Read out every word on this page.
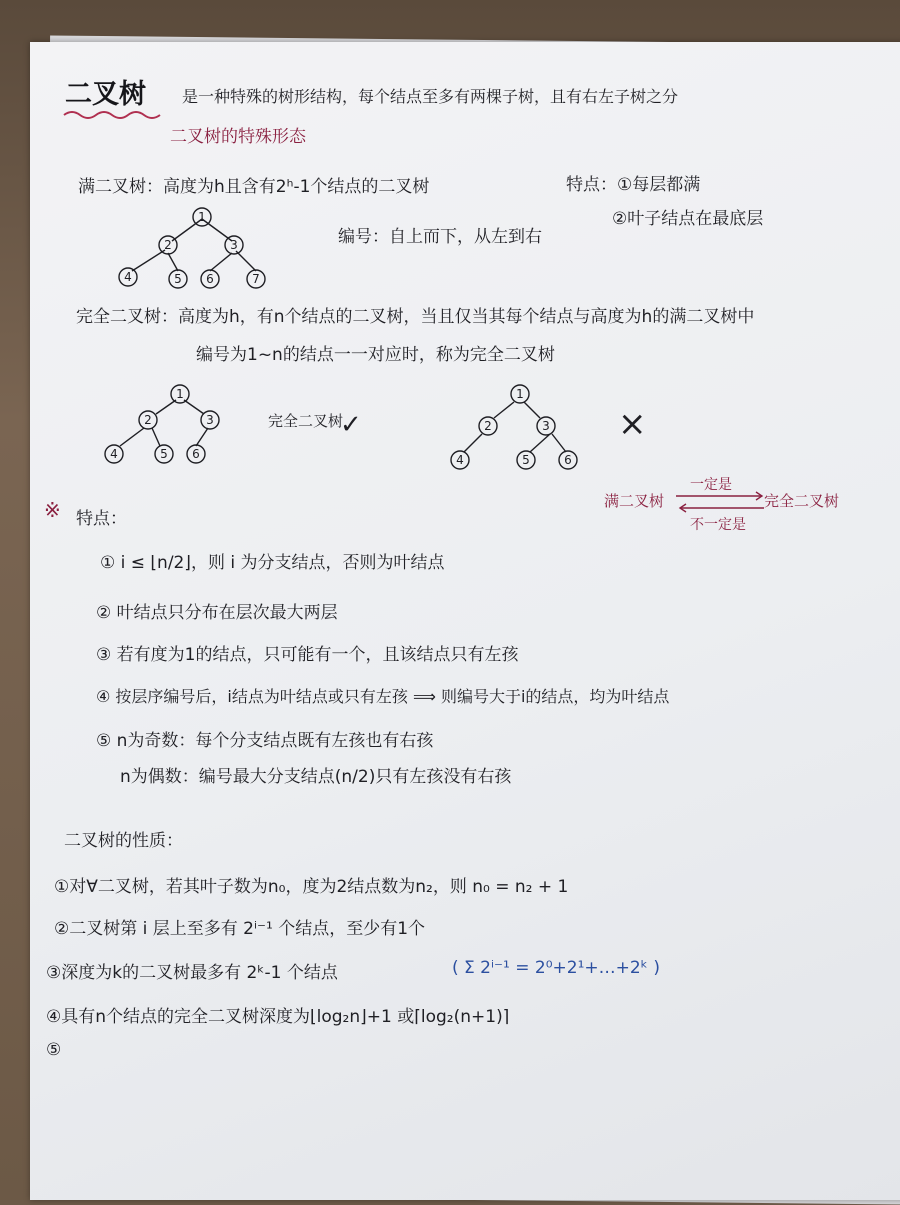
二叉树 是一种特殊的树形结构，每个结点至多有两棵子树，且有右左子树之分
二叉树的特殊形态
满二叉树：高度为h且含有2ʰ-1个结点的二叉树	特点：①每层都满
②叶子结点在最底层
编号：自上而下，从左到右
1
2	3
4	5 6	7
完全二叉树：高度为h，有n个结点的二叉树，当且仅当其每个结点与高度为h的满二叉树中
编号为1~n的结点一一对应时，称为完全二叉树
1
2	3
4	5 6
完全二叉树
✓
1
2	3
4	5	6
×
满二叉树	完全二叉树
一定是
不一定是
※ 特点：
① i ≤ ⌊n/2⌋，则 i 为分支结点，否则为叶结点
② 叶结点只分布在层次最大两层
③ 若有度为1的结点，只可能有一个，且该结点只有左孩
④ 按层序编号后，i结点为叶结点或只有左孩 ⟹ 则编号大于i的结点，均为叶结点
⑤ n为奇数：每个分支结点既有左孩也有右孩
n为偶数：编号最大分支结点(n/2)只有左孩没有右孩
二叉树的性质：
①对∀二叉树，若其叶子数为n₀，度为2结点数为n₂，则 n₀ = n₂ + 1
②二叉树第 i 层上至多有 2ⁱ⁻¹ 个结点，至少有1个
③深度为k的二叉树最多有 2ᵏ-1 个结点	( Σ 2ⁱ⁻¹ = 2⁰+2¹+…+2ᵏ )
④具有n个结点的完全二叉树深度为⌊log₂n⌋+1 或⌈log₂(n+1)⌉
⑤
